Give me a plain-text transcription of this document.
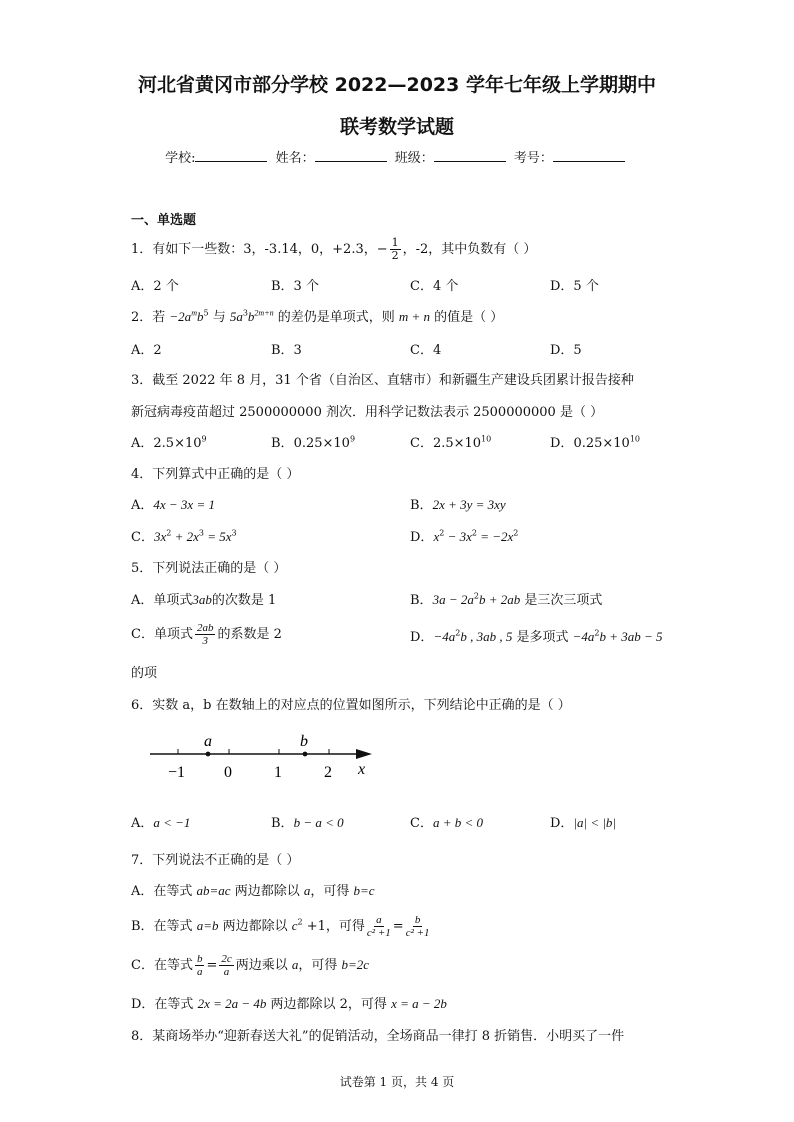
河北省黄冈市部分学校 2022—2023 学年七年级上学期期中
联考数学试题
学校:	姓名：	班级：	考号：
一、单选题
1．有如下一些数：3，-3.14，0，+2.3，− $\frac{1}{2}$ ，-2，其中负数有（ ）
A．2 个	B．3 个	C．4 个	D．5 个
2．若 $-2a^mb^5$ 与 $5a^3b^{2m+n}$ 的差仍是单项式，则 m + n 的值是（ ）
A．2	B．3	C．4	D．5
3．截至 2022 年 8 月，31 个省（自治区、直辖市）和新疆生产建设兵团累计报告接种
新冠病毒疫苗超过 2500000000 剂次．用科学记数法表示 2500000000 是（ ）
A．$2.5\times 10^9$	B．$0.25\times 10^9$	C．$2.5\times 10^{10}$	D．$0.25\times 10^{10}$
4．下列算式中正确的是（ ）
A．4x − 3x = 1	B．2x + 3y = 3xy
C．$3x^2 + 2x^3 = 5x^3$	D．$x^2 - 3x^2 = -2x^2$
5．下列说法正确的是（ ）
A．单项式3ab的次数是 1	B．$3a - 2a^2b + 2ab$ 是三次三项式
C．单项式 $\frac{2ab}{3}$ 的系数是 2	D．$-4a^2b$ , 3ab , 5 是多项式 $-4a^2b + 3ab - 5$
的项
6．实数 a，b 在数轴上的对应点的位置如图所示，下列结论中正确的是（ ）
a	b
−1 0	1	2 x
A．a < −1	B．b − a < 0	C．a + b < 0	D．|a| < |b|
7．下列说法不正确的是（ ）
A．在等式 ab=ac 两边都除以 a，可得 b=c
B．在等式 a=b 两边都除以 $c^2 +1$，可得 $\frac{a}{\text{c² +1}} = \frac{b}{\text{c² +1}}$
C．在等式 $\frac{b}{a} = \frac{2c}{a}$ 两边乘以 a，可得 b=2c
D．在等式 2x = 2a − 4b 两边都除以 2，可得 x = a − 2b
8．某商场举办“迎新春送大礼”的促销活动，全场商品一律打 8 折销售．小明买了一件
试卷第 1 页，共 4 页
